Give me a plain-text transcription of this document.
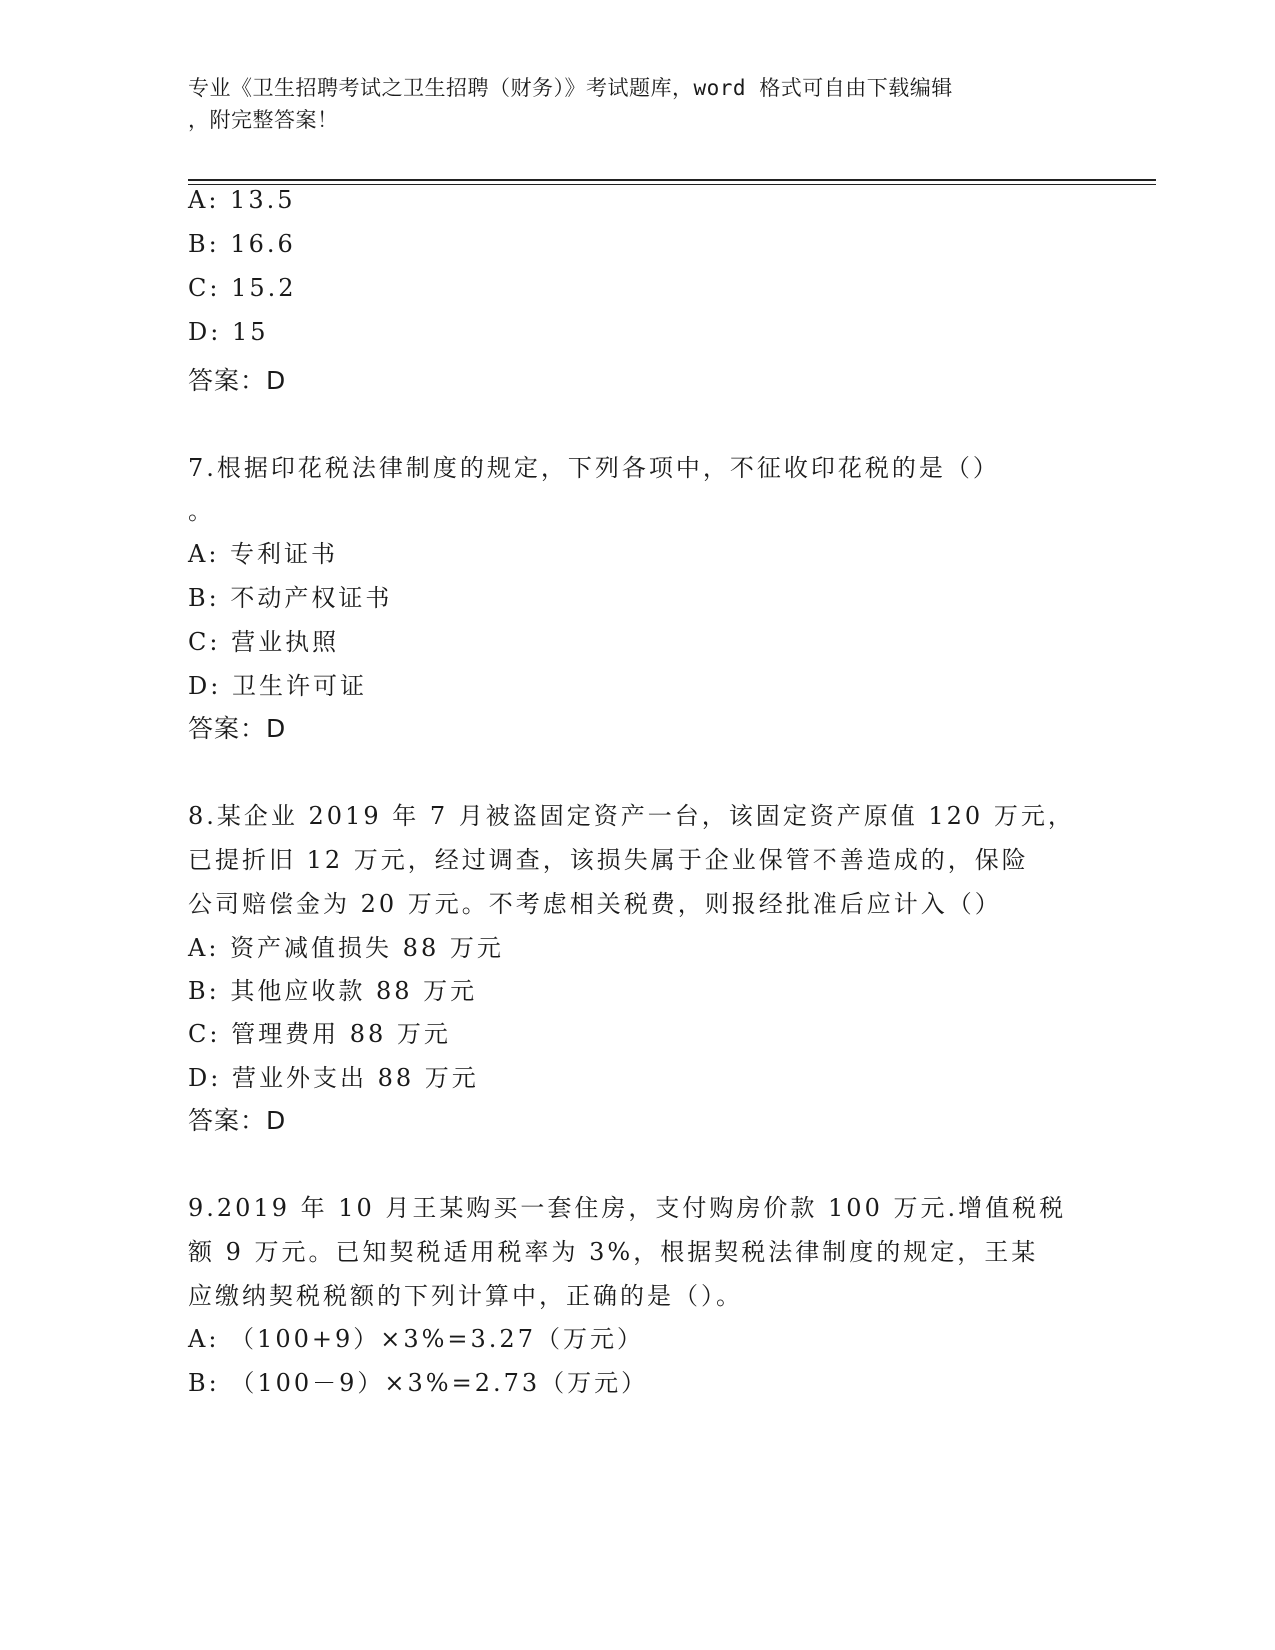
专业《卫生招聘考试之卫生招聘（财务）》考试题库，word 格式可自由下载编辑
，附完整答案！
A: 13.5
B: 16.6
C: 15.2
D: 15
答案：D
7.根据印花税法律制度的规定，下列各项中，不征收印花税的是（）
。
A: 专利证书
B: 不动产权证书
C: 营业执照
D: 卫生许可证
答案：D
8.某企业 2019 年 7 月被盗固定资产一台，该固定资产原值 120 万元，
已提折旧 12 万元，经过调查，该损失属于企业保管不善造成的，保险
公司赔偿金为 20 万元。不考虑相关税费，则报经批准后应计入（）
A: 资产减值损失 88 万元
B: 其他应收款 88 万元
C: 管理费用 88 万元
D: 营业外支出 88 万元
答案：D
9.2019 年 10 月王某购买一套住房，支付购房价款 100 万元.增值税税
额 9 万元。已知契税适用税率为 3%，根据契税法律制度的规定，王某
应缴纳契税税额的下列计算中，正确的是（）。
A: （100+9）×3%=3.27（万元）
B: （100－9）×3%=2.73（万元）
